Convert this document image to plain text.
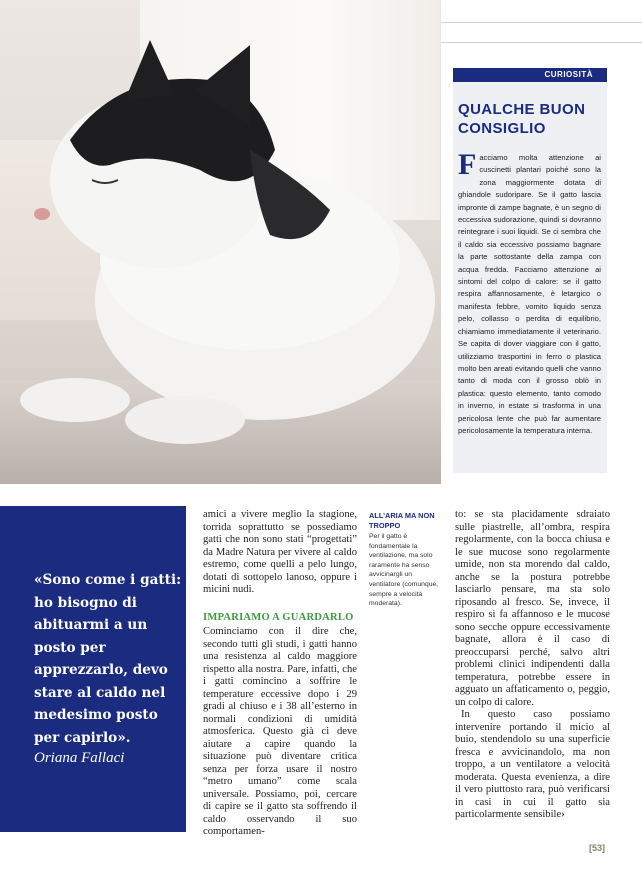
CURIOSITÀ
QUALCHE BUON CONSIGLIO
Facciamo molta attenzione ai cuscinetti plantari poiché sono la zona maggiormente dotata di ghiandole sudoripare. Se il gatto lascia impronte di zampe bagnate, è un segno di eccessiva sudorazione, quindi si dovranno reintegrare i suoi liquidi. Se ci sembra che il caldo sia eccessivo possiamo bagnare la parte sottostante della zampa con acqua fredda. Facciamo attenzione ai sintomi del colpo di calore: se il gatto respira affannosamente, è letargico o manifesta febbre, vomito liquido senza pelo, collasso o perdita di equilibrio, chiamiamo immediatamente il veterinario. Se capita di dover viaggiare con il gatto, utilizziamo trasportini in ferro o plastica molto ben areati evitando quelli che vanno tanto di moda con il grosso oblò in plastica: questo elemento, tanto comodo in inverno, in estate si trasforma in una pericolosa lente che può far aumentare pericolosamente la temperatura interna.
«Sono come i gatti: ho bisogno di abituarmi a un posto per apprezzarlo, devo stare al caldo nel medesimo posto per capirlo».
Oriana Fallaci

amici a vivere meglio la stagione, torrida soprattutto se possediamo gatti che non sono stati “progettati” da Madre Natura per vivere al caldo estremo, come quelli a pelo lungo, dotati di sottopelo lanoso, oppure i micini nudi.

IMPARIAMO A GUARDARLO

Cominciamo con il dire che, secondo tutti gli studi, i gatti hanno una resistenza al caldo maggiore rispetto alla nostra. Pare, infatti, che i gatti comincino a soffrire le temperature eccessive dopo i 29 gradi al chiuso e i 38 all’esterno in normali condizioni di umidità atmosferica. Questo già ci deve aiutare a capire quando la situazione può diventare critica senza per forza usare il nostro “metro umano” come scala universale. Possiamo, poi, cercare di capire se il gatto sta soffrendo il caldo osservando il suo comportamen-

ALL’ARIA MA NON TROPPO
Per il gatto è fondamentale la ventilazione, ma solo raramente ha senso avvicinargli un ventilatore (comunque, sempre a velocità moderata).

to: se sta placidamente sdraiato sulle piastrelle, all’ombra, respira regolarmente, con la bocca chiusa e le sue mucose sono regolarmente umide, non sta morendo dal caldo, anche se la postura potrebbe lasciarlo pensare, ma sta solo riposando al fresco. Se, invece, il respiro si fa affannoso e le mucose sono secche oppure eccessivamente bagnate, allora è il caso di preoccuparsi perché, salvo altri problemi clinici indipendenti dalla temperatura, potrebbe essere in agguato un affaticamento o, peggio, un colpo di calore.

In questo caso possiamo intervenire portando il micio al buio, stendendolo su una superficie fresca e avvicinandolo, ma non troppo, a un ventilatore a velocità moderata. Questa evenienza, a dire il vero piuttosto rara, può verificarsi in casi in cui il gatto sia particolarmente sensibile›

[53]
